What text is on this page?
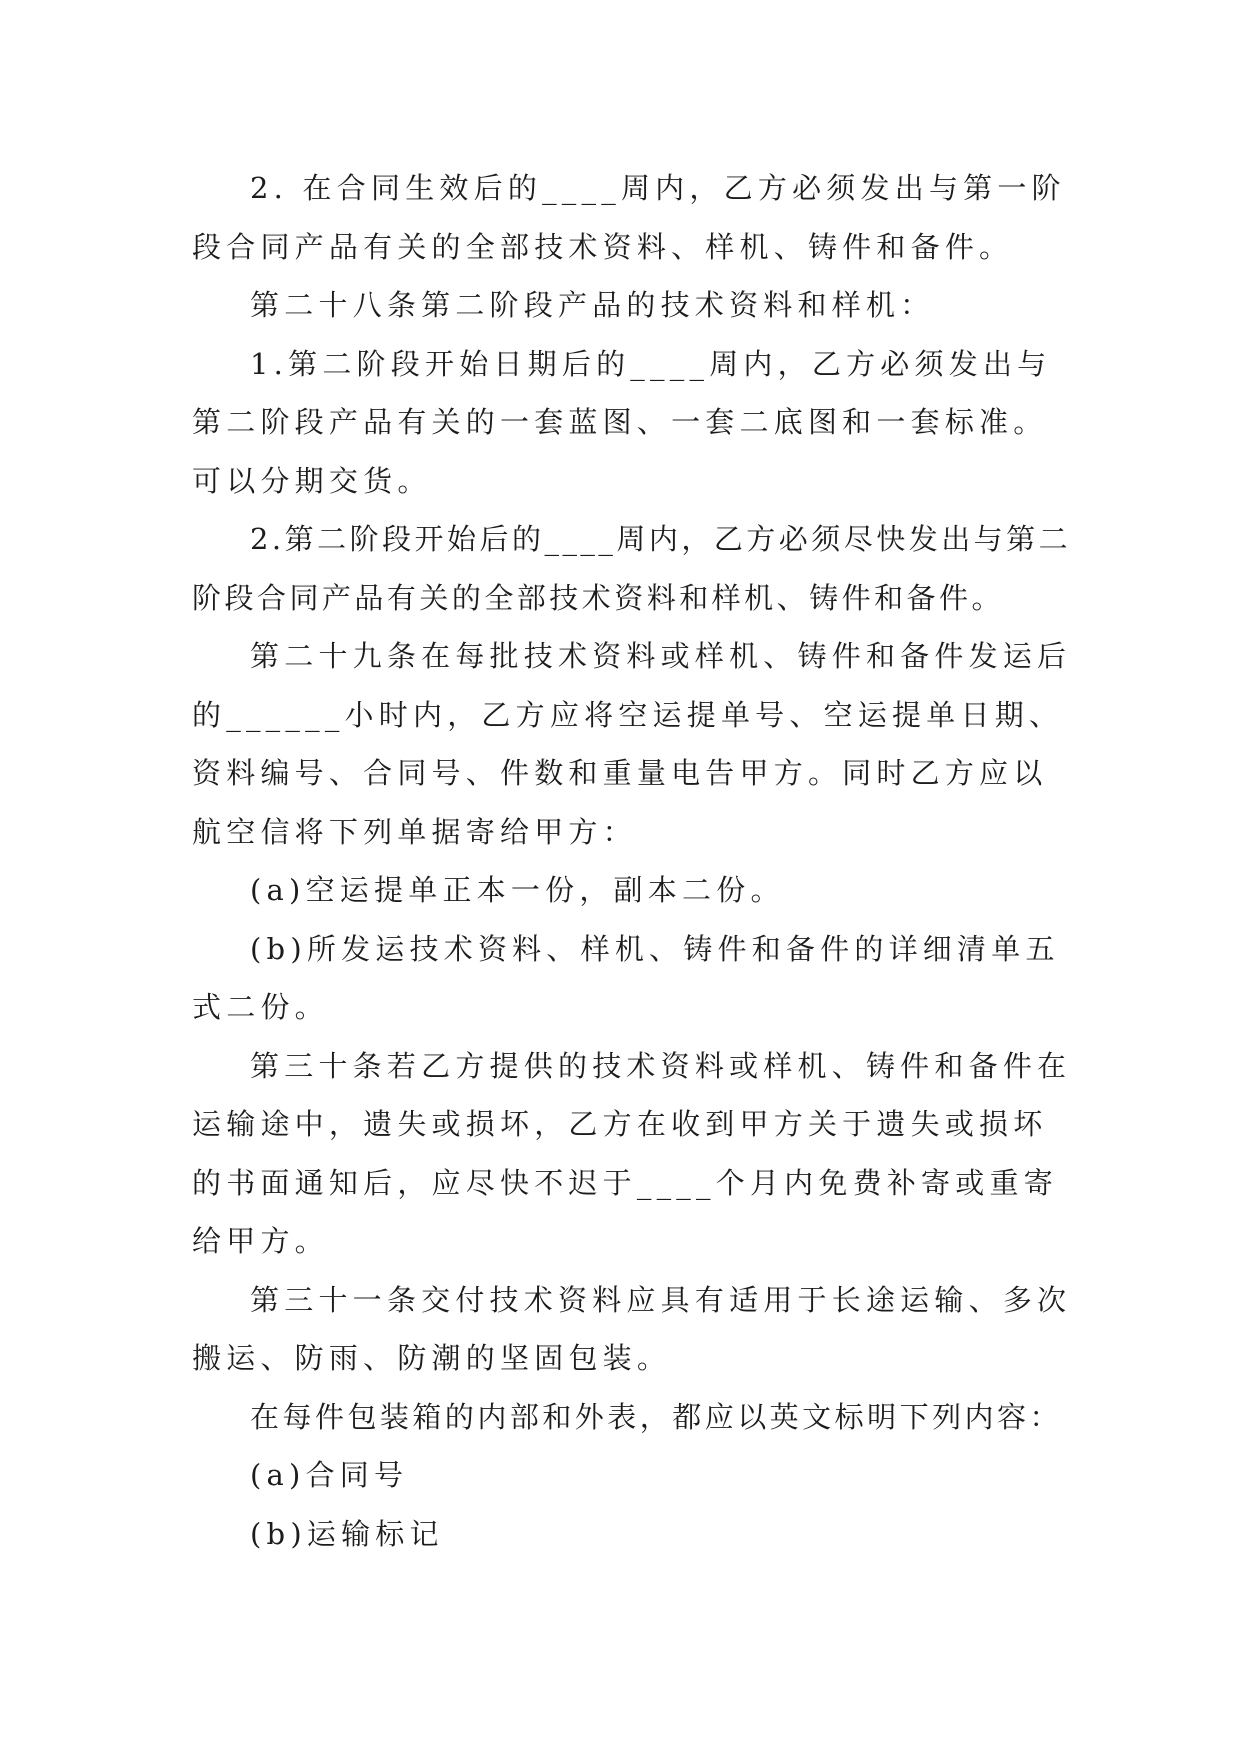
2. 在合同生效后的____周内，乙方必须发出与第一阶段合同产品有关的全部技术资料、样机、铸件和备件。

第二十八条第二阶段产品的技术资料和样机：

1.第二阶段开始日期后的____周内，乙方必须发出与第二阶段产品有关的一套蓝图、一套二底图和一套标准。可以分期交货。

2.第二阶段开始后的____周内，乙方必须尽快发出与第二阶段合同产品有关的全部技术资料和样机、铸件和备件。

第二十九条在每批技术资料或样机、铸件和备件发运后的______小时内，乙方应将空运提单号、空运提单日期、资料编号、合同号、件数和重量电告甲方。同时乙方应以航空信将下列单据寄给甲方：

(a)空运提单正本一份，副本二份。

(b)所发运技术资料、样机、铸件和备件的详细清单五式二份。

第三十条若乙方提供的技术资料或样机、铸件和备件在运输途中，遗失或损坏，乙方在收到甲方关于遗失或损坏的书面通知后，应尽快不迟于____个月内免费补寄或重寄给甲方。

第三十一条交付技术资料应具有适用于长途运输、多次搬运、防雨、防潮的坚固包装。

在每件包装箱的内部和外表，都应以英文标明下列内容：

(a)合同号

(b)运输标记
